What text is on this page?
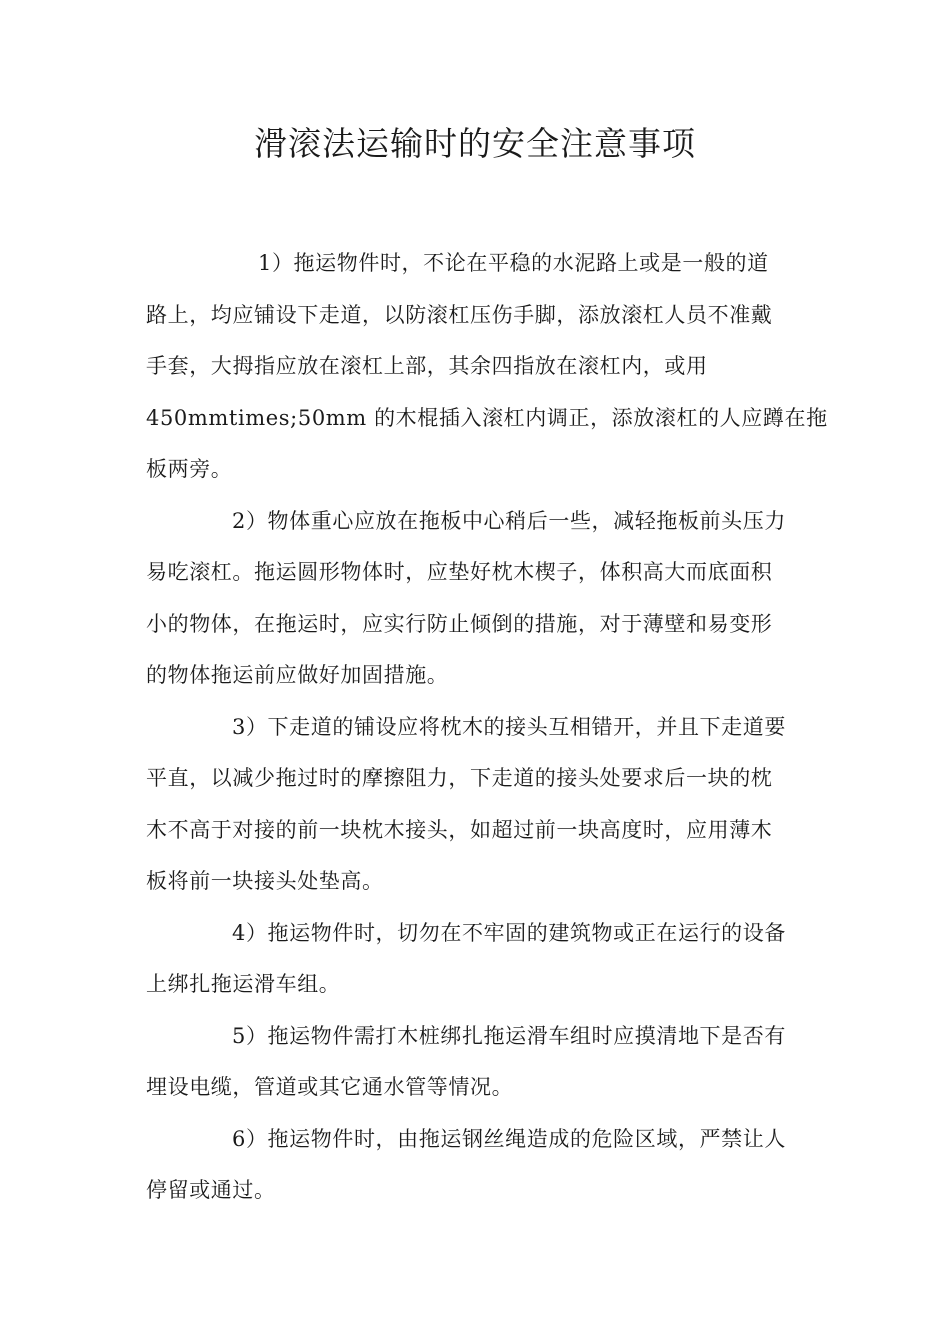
滑滚法运输时的安全注意事项
1）拖运物件时，不论在平稳的水泥路上或是一般的道
路上，均应铺设下走道，以防滚杠压伤手脚，添放滚杠人员不准戴
手套，大拇指应放在滚杠上部，其余四指放在滚杠内，或用
450mmtimes;50mm 的木棍插入滚杠内调正，添放滚杠的人应蹲在拖
板两旁。
2）物体重心应放在拖板中心稍后一些，减轻拖板前头压力
易吃滚杠。拖运圆形物体时，应垫好枕木楔子，体积高大而底面积
小的物体，在拖运时，应实行防止倾倒的措施，对于薄壁和易变形
的物体拖运前应做好加固措施。
3）下走道的铺设应将枕木的接头互相错开，并且下走道要
平直，以减少拖过时的摩擦阻力，下走道的接头处要求后一块的枕
木不高于对接的前一块枕木接头，如超过前一块高度时，应用薄木
板将前一块接头处垫高。
4）拖运物件时，切勿在不牢固的建筑物或正在运行的设备
上绑扎拖运滑车组。
5）拖运物件需打木桩绑扎拖运滑车组时应摸清地下是否有
埋设电缆，管道或其它通水管等情况。
6）拖运物件时，由拖运钢丝绳造成的危险区域，严禁让人
停留或通过。
